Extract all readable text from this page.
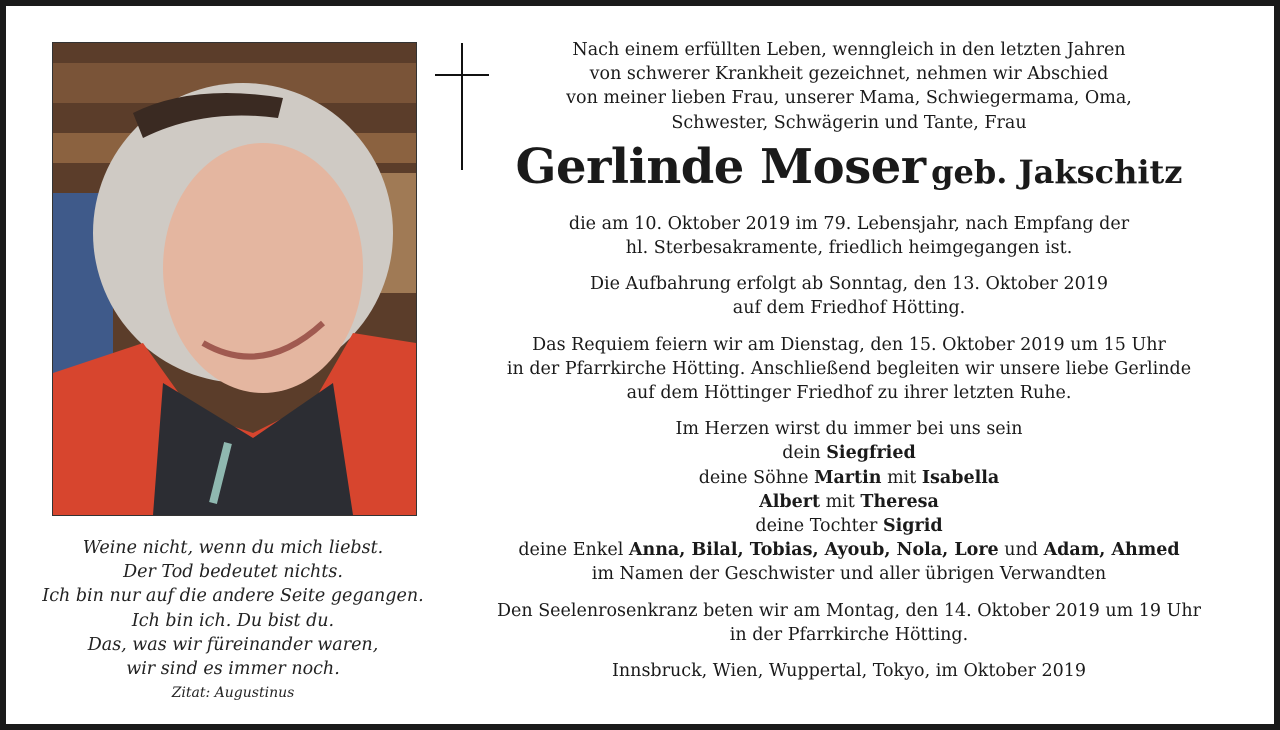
Weine nicht, wenn du mich liebst.
Der Tod bedeutet nichts.
Ich bin nur auf die andere Seite gegangen.
Ich bin ich. Du bist du.
Das, was wir füreinander waren,
wir sind es immer noch.
Zitat: Augustinus

Nach einem erfüllten Leben, wenngleich in den letzten Jahren

von schwerer Krankheit gezeichnet, nehmen wir Abschied

von meiner lieben Frau, unserer Mama, Schwiegermama, Oma,

Schwester, Schwägerin und Tante, Frau

Gerlinde Moser geb. Jakschitz

die am 10. Oktober 2019 im 79. Lebensjahr, nach Empfang der

hl. Sterbesakramente, friedlich heimgegangen ist.

Die Aufbahrung erfolgt ab Sonntag, den 13. Oktober 2019

auf dem Friedhof Hötting.

Das Requiem feiern wir am Dienstag, den 15. Oktober 2019 um 15 Uhr

in der Pfarrkirche Hötting. Anschließend begleiten wir unsere liebe Gerlinde

auf dem Höttinger Friedhof zu ihrer letzten Ruhe.

Im Herzen wirst du immer bei uns sein

dein Siegfried

deine Söhne Martin mit Isabella

Albert mit Theresa

deine Tochter Sigrid

deine Enkel Anna, Bilal, Tobias, Ayoub, Nola, Lore und Adam, Ahmed

im Namen der Geschwister und aller übrigen Verwandten

Den Seelenrosenkranz beten wir am Montag, den 14. Oktober 2019 um 19 Uhr

in der Pfarrkirche Hötting.

Innsbruck, Wien, Wuppertal, Tokyo, im Oktober 2019
